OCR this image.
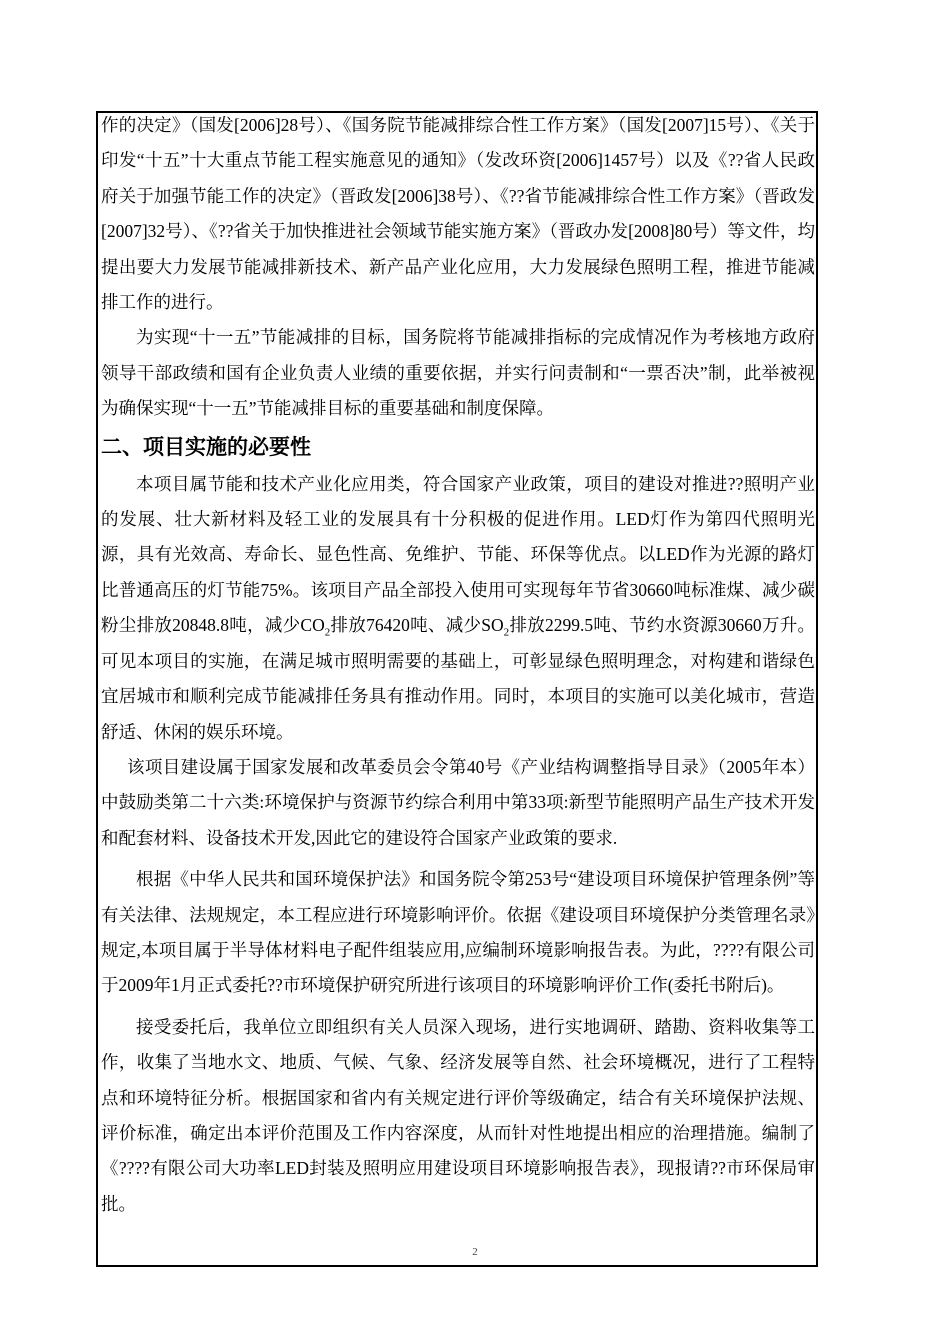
作的决定》（国发[2006]28号）、《国务院节能减排综合性工作方案》（国发[2007]15号）、《关于印发“十五”十大重点节能工程实施意见的通知》（发改环资[2006]1457号）以及《??省人民政府关于加强节能工作的决定》（晋政发[2006]38号）、《??省节能减排综合性工作方案》（晋政发[2007]32号）、《??省关于加快推进社会领域节能实施方案》（晋政办发[2008]80号）等文件，均提出要大力发展节能减排新技术、新产品产业化应用，大力发展绿色照明工程，推进节能减排工作的进行。

为实现“十一五”节能减排的目标，国务院将节能减排指标的完成情况作为考核地方政府领导干部政绩和国有企业负责人业绩的重要依据，并实行问责制和“一票否决”制，此举被视为确保实现“十一五”节能减排目标的重要基础和制度保障。

二、项目实施的必要性

本项目属节能和技术产业化应用类，符合国家产业政策，项目的建设对推进??照明产业的发展、壮大新材料及轻工业的发展具有十分积极的促进作用。LED灯作为第四代照明光源，具有光效高、寿命长、显色性高、免维护、节能、环保等优点。以LED作为光源的路灯比普通高压的灯节能75%。该项目产品全部投入使用可实现每年节省30660吨标准煤、减少碳粉尘排放20848.8吨，减少$CO_2$排放76420吨、减少$SO_2$排放2299.5吨、节约水资源30660万升。可见本项目的实施，在满足城市照明需要的基础上，可彰显绿色照明理念，对构建和谐绿色宜居城市和顺利完成节能减排任务具有推动作用。同时，本项目的实施可以美化城市，营造舒适、休闲的娱乐环境。

该项目建设属于国家发展和改革委员会令第40号《产业结构调整指导目录》（2005年本）中鼓励类第二十六类:环境保护与资源节约综合利用中第33项:新型节能照明产品生产技术开发和配套材料、设备技术开发,因此它的建设符合国家产业政策的要求.

根据《中华人民共和国环境保护法》和国务院令第253号“建设项目环境保护管理条例”等有关法律、法规规定，本工程应进行环境影响评价。依据《建设项目环境保护分类管理名录》规定,本项目属于半导体材料电子配件组装应用,应编制环境影响报告表。为此，????有限公司于2009年1月正式委托??市环境保护研究所进行该项目的环境影响评价工作(委托书附后)。

接受委托后，我单位立即组织有关人员深入现场，进行实地调研、踏勘、资料收集等工作，收集了当地水文、地质、气候、气象、经济发展等自然、社会环境概况，进行了工程特点和环境特征分析。根据国家和省内有关规定进行评价等级确定，结合有关环境保护法规、评价标准，确定出本评价范围及工作内容深度，从而针对性地提出相应的治理措施。编制了《????有限公司大功率LED封装及照明应用建设项目环境影响报告表》，现报请??市环保局审批。

2
